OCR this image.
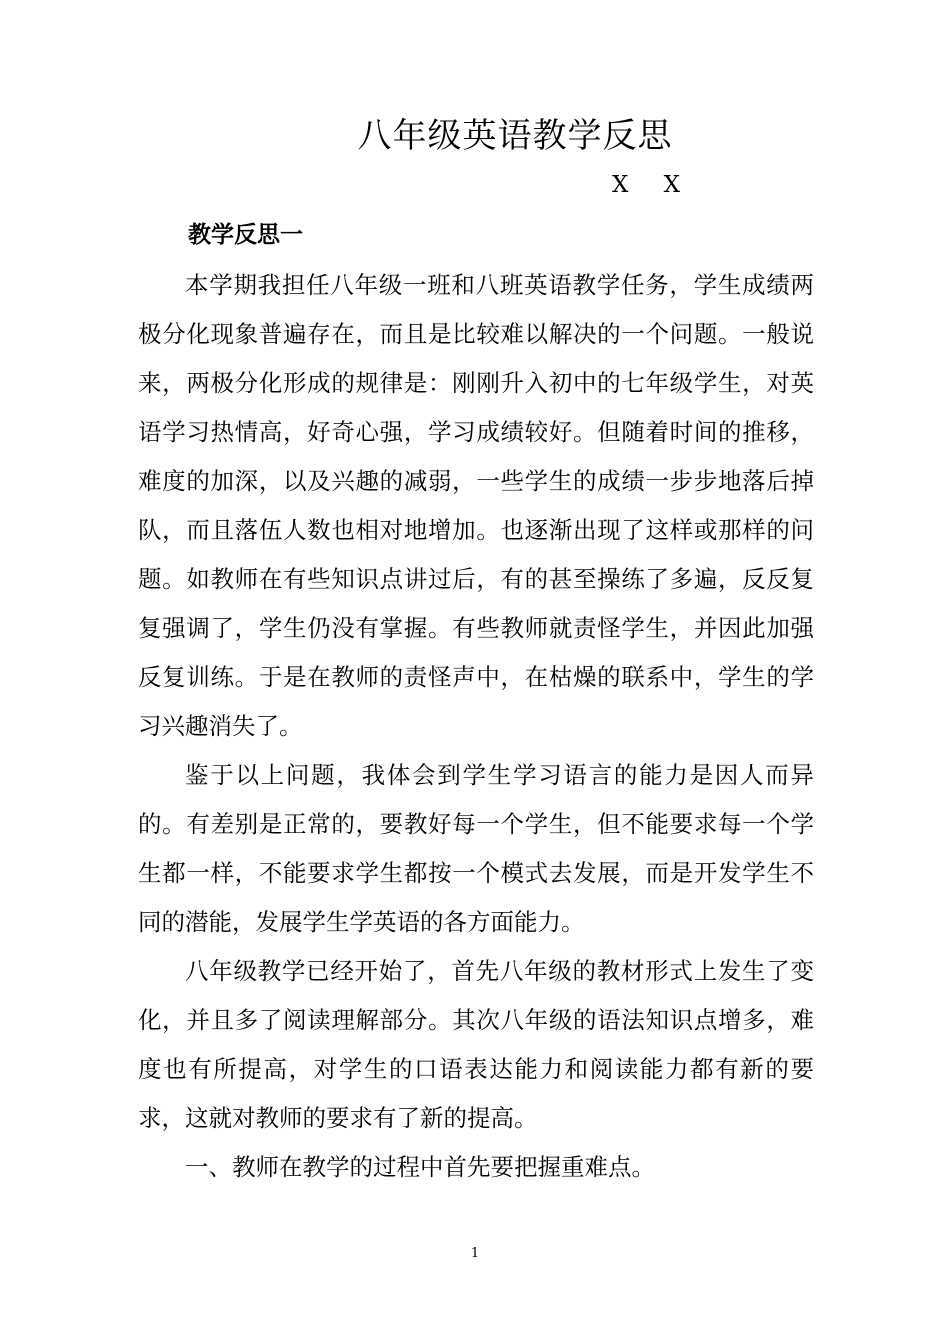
八年级英语教学反思
X X
教学反思一

本学期我担任八年级一班和八班英语教学任务，学生成绩两极分化现象普遍存在，而且是比较难以解决的一个问题。一般说来，两极分化形成的规律是：刚刚升入初中的七年级学生，对英语学习热情高，好奇心强，学习成绩较好。但随着时间的推移，难度的加深，以及兴趣的减弱，一些学生的成绩一步步地落后掉队，而且落伍人数也相对地增加。也逐渐出现了这样或那样的问题。如教师在有些知识点讲过后，有的甚至操练了多遍，反反复复强调了，学生仍没有掌握。有些教师就责怪学生，并因此加强反复训练。于是在教师的责怪声中，在枯燥的联系中，学生的学习兴趣消失了。

鉴于以上问题，我体会到学生学习语言的能力是因人而异的。有差别是正常的，要教好每一个学生，但不能要求每一个学生都一样，不能要求学生都按一个模式去发展，而是开发学生不同的潜能，发展学生学英语的各方面能力。

八年级教学已经开始了，首先八年级的教材形式上发生了变化，并且多了阅读理解部分。其次八年级的语法知识点增多，难度也有所提高，对学生的口语表达能力和阅读能力都有新的要求，这就对教师的要求有了新的提高。

一、教师在教学的过程中首先要把握重难点。

1
